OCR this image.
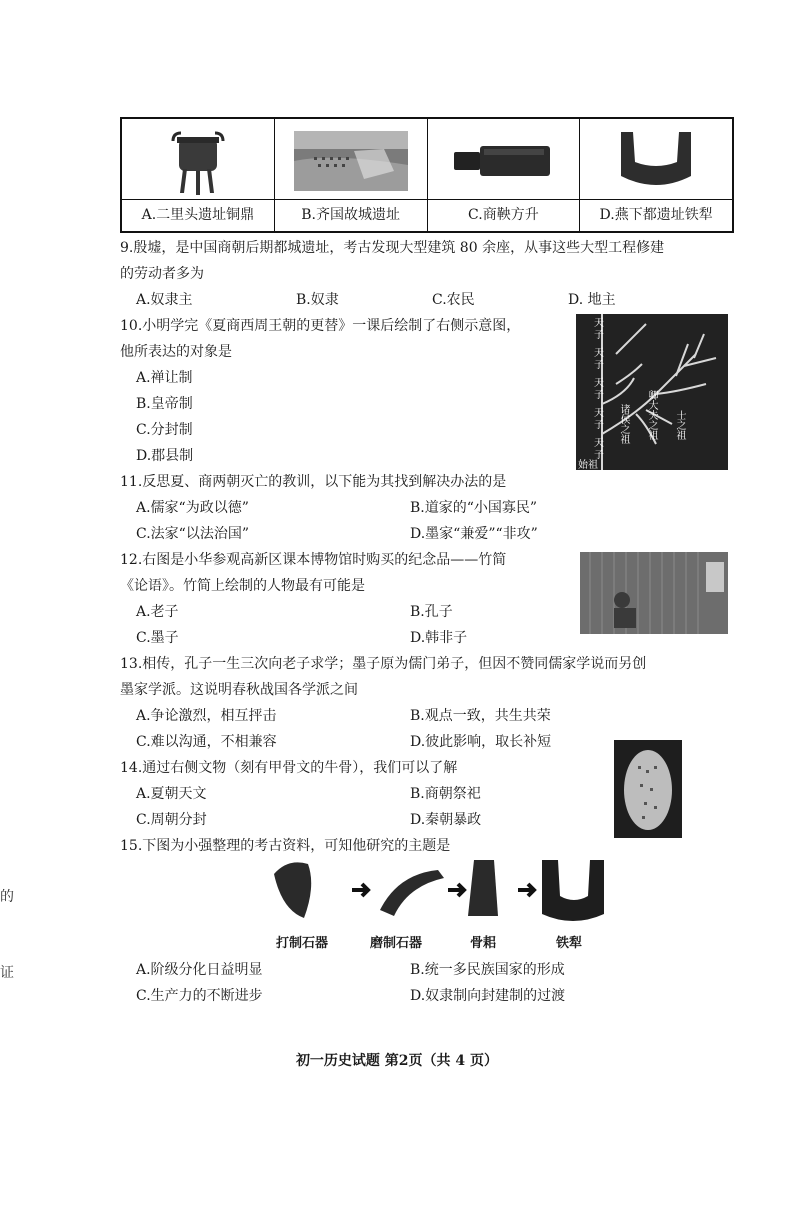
A.二里头遗址铜鼎	B.齐国故城遗址	C.商鞅方升	D.燕下都遗址铁犁
9.殷墟，是中国商朝后期都城遗址，考古发现大型建筑 80 余座，从事这些大型工程修建
的劳动者多为
A.奴隶主	B.奴隶	C.农民	D. 地主
10.小明学完《夏商西周王朝的更替》一课后绘制了右侧示意图，
他所表达的对象是
A.禅让制
B.皇帝制
C.分封制
D.郡县制
天子
天子
天子
天子
天子
始祖
诸侯之祖 卿大夫之祖 士之祖
11.反思夏、商两朝灭亡的教训，以下能为其找到解决办法的是
A.儒家“为政以德”	B.道家的“小国寡民”
C.法家“以法治国”	D.墨家“兼爱”“非攻”
12.右图是小华参观高新区课本博物馆时购买的纪念品——竹简
《论语》。竹简上绘制的人物最有可能是
A.老子	B.孔子
C.墨子	D.韩非子
13.相传，孔子一生三次向老子求学；墨子原为儒门弟子，但因不赞同儒家学说而另创
墨家学派。这说明春秋战国各学派之间
A.争论激烈，相互抨击	B.观点一致，共生共荣
C.难以沟通，不相兼容	D.彼此影响，取长补短
14.通过右侧文物（刻有甲骨文的牛骨），我们可以了解
A.夏朝天文	B.商朝祭祀
C.周朝分封	D.秦朝暴政
15.下图为小强整理的考古资料，可知他研究的主题是
打制石器	磨制石器	骨耜	铁犁
A.阶级分化日益明显	B.统一多民族国家的形成
C.生产力的不断进步	D.奴隶制向封建制的过渡
的
证
初一历史试题 第2页（共 4 页）
